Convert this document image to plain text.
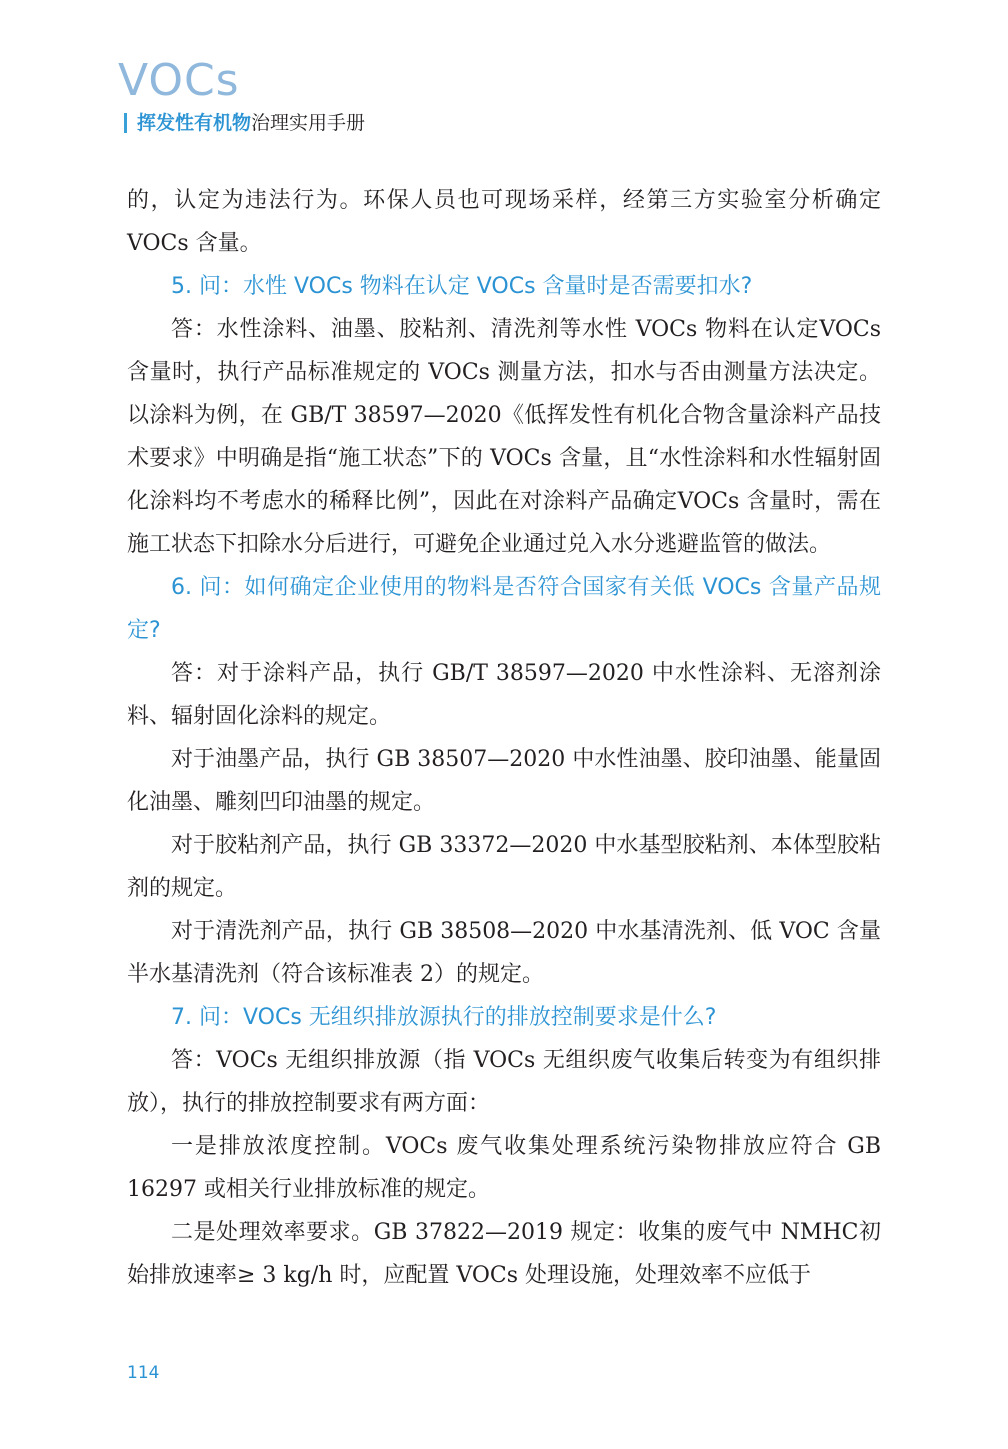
VOCs
挥发性有机物 治理实用手册

的，认定为违法行为。环保人员也可现场采样，经第三方实验室分析确定VOCs 含量。

5. 问：水性 VOCs 物料在认定 VOCs 含量时是否需要扣水?

答：水性涂料、油墨、胶粘剂、清洗剂等水性 VOCs 物料在认定VOCs 含量时，执行产品标准规定的 VOCs 测量方法，扣水与否由测量方法决定。以涂料为例，在 GB/T 38597—2020《低挥发性有机化合物含量涂料产品技术要求》中明确是指“施工状态”下的 VOCs 含量，且“水性涂料和水性辐射固化涂料均不考虑水的稀释比例”，因此在对涂料产品确定VOCs 含量时，需在施工状态下扣除水分后进行，可避免企业通过兑入水分逃避监管的做法。

6. 问：如何确定企业使用的物料是否符合国家有关低 VOCs 含量产品规定?

答：对于涂料产品，执行 GB/T 38597—2020 中水性涂料、无溶剂涂料、辐射固化涂料的规定。

对于油墨产品，执行 GB 38507—2020 中水性油墨、胶印油墨、能量固化油墨、雕刻凹印油墨的规定。

对于胶粘剂产品，执行 GB 33372—2020 中水基型胶粘剂、本体型胶粘剂的规定。

对于清洗剂产品，执行 GB 38508—2020 中水基清洗剂、低 VOC 含量半水基清洗剂（符合该标准表 2）的规定。

7. 问：VOCs 无组织排放源执行的排放控制要求是什么?

答：VOCs 无组织排放源（指 VOCs 无组织废气收集后转变为有组织排放），执行的排放控制要求有两方面：

一是排放浓度控制。VOCs 废气收集处理系统污染物排放应符合 GB 16297 或相关行业排放标准的规定。

二是处理效率要求。GB 37822—2019 规定：收集的废气中 NMHC初始排放速率≥ 3 kg/h 时，应配置 VOCs 处理设施，处理效率不应低于

114
